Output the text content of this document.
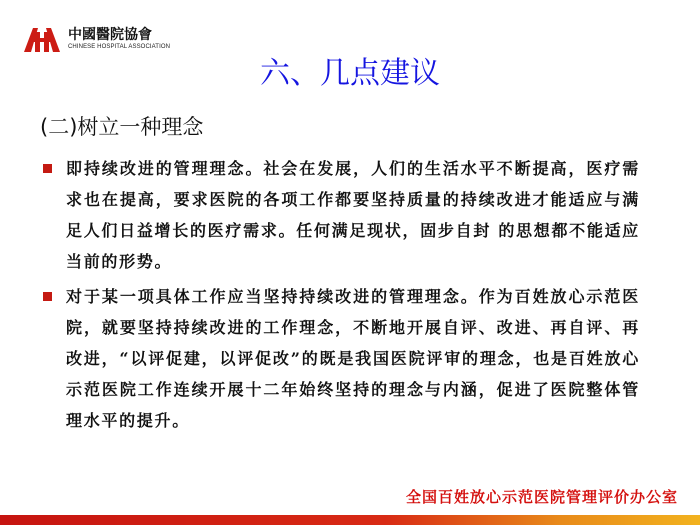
中國醫院協會
CHINESE HOSPITAL ASSOCIATION
六、几点建议
(二)树立一种理念
即持续改进的管理理念。社会在发展，人们的生活水平不断提高，医疗需求也在提高，要求医院的各项工作都要坚持质量的持续改进才能适应与满足人们日益增长的医疗需求。任何满足现状，固步自封 的思想都不能适应当前的形势。
对于某一项具体工作应当坚持持续改进的管理理念。作为百姓放心示范医院，就要坚持持续改进的工作理念，不断地开展自评、改进、再自评、再改进，“以评促建，以评促改”的既是我国医院评审的理念，也是百姓放心示范医院工作连续开展十二年始终坚持的理念与内涵，促进了医院整体管理水平的提升。
全国百姓放心示范医院管理评价办公室
